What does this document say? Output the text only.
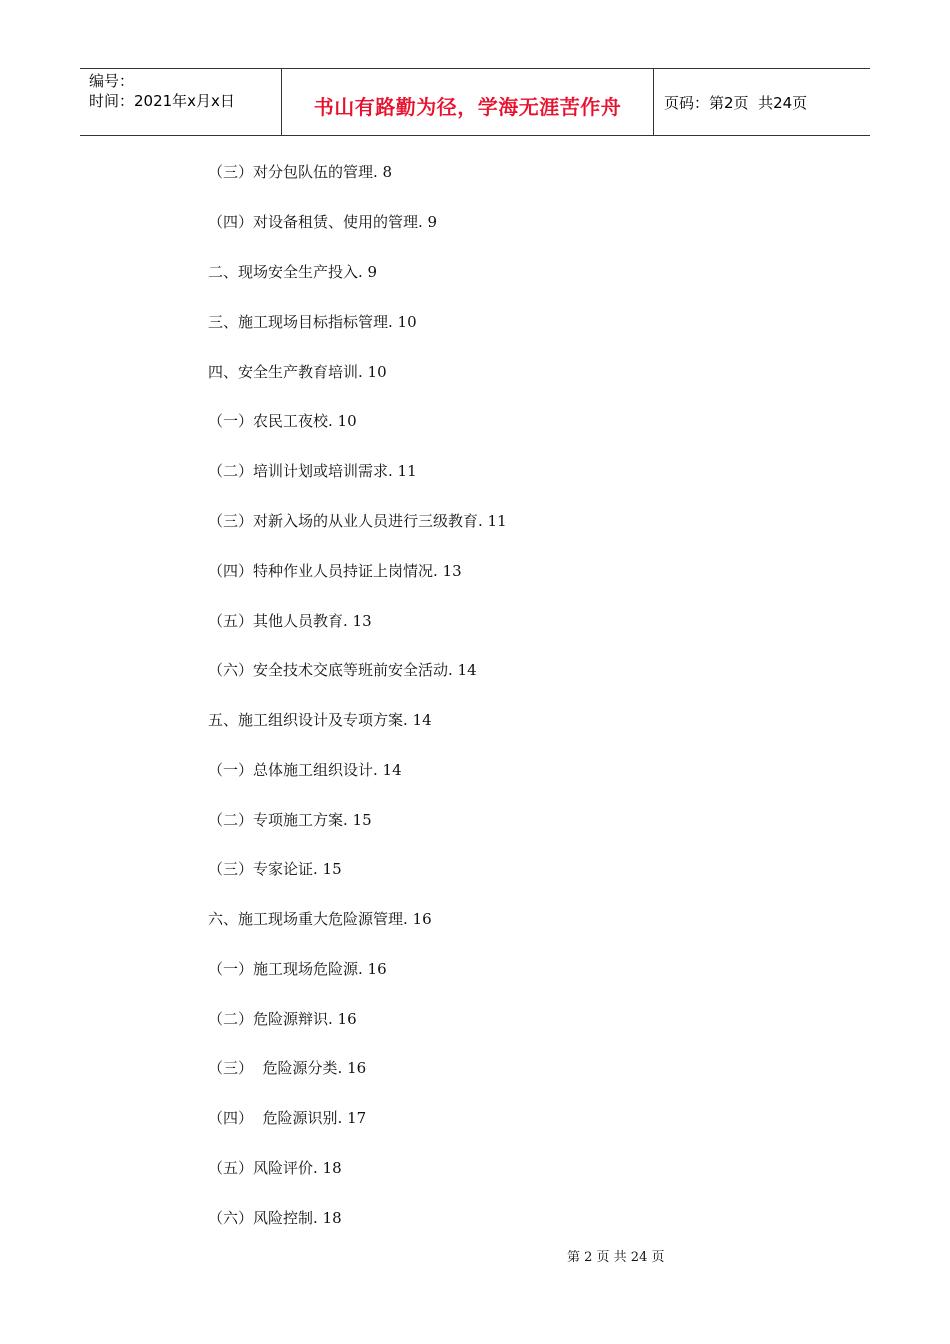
编号：
时间：2021年x月x日	书山有路勤为径，学海无涯苦作舟	页码：第2页  共24页
（三）对分包队伍的管理. 8
（四）对设备租赁、使用的管理. 9
二、现场安全生产投入. 9
三、施工现场目标指标管理. 10
四、安全生产教育培训. 10
（一）农民工夜校. 10
（二）培训计划或培训需求. 11
（三）对新入场的从业人员进行三级教育. 11
（四）特种作业人员持证上岗情况. 13
（五）其他人员教育. 13
（六）安全技术交底等班前安全活动. 14
五、施工组织设计及专项方案. 14
（一）总体施工组织设计. 14
（二）专项施工方案. 15
（三）专家论证. 15
六、施工现场重大危险源管理. 16
（一）施工现场危险源. 16
（二）危险源辩识. 16
（三）  危险源分类. 16
（四）  危险源识别. 17
（五）风险评价. 18
（六）风险控制. 18
第 2 页 共 24 页
